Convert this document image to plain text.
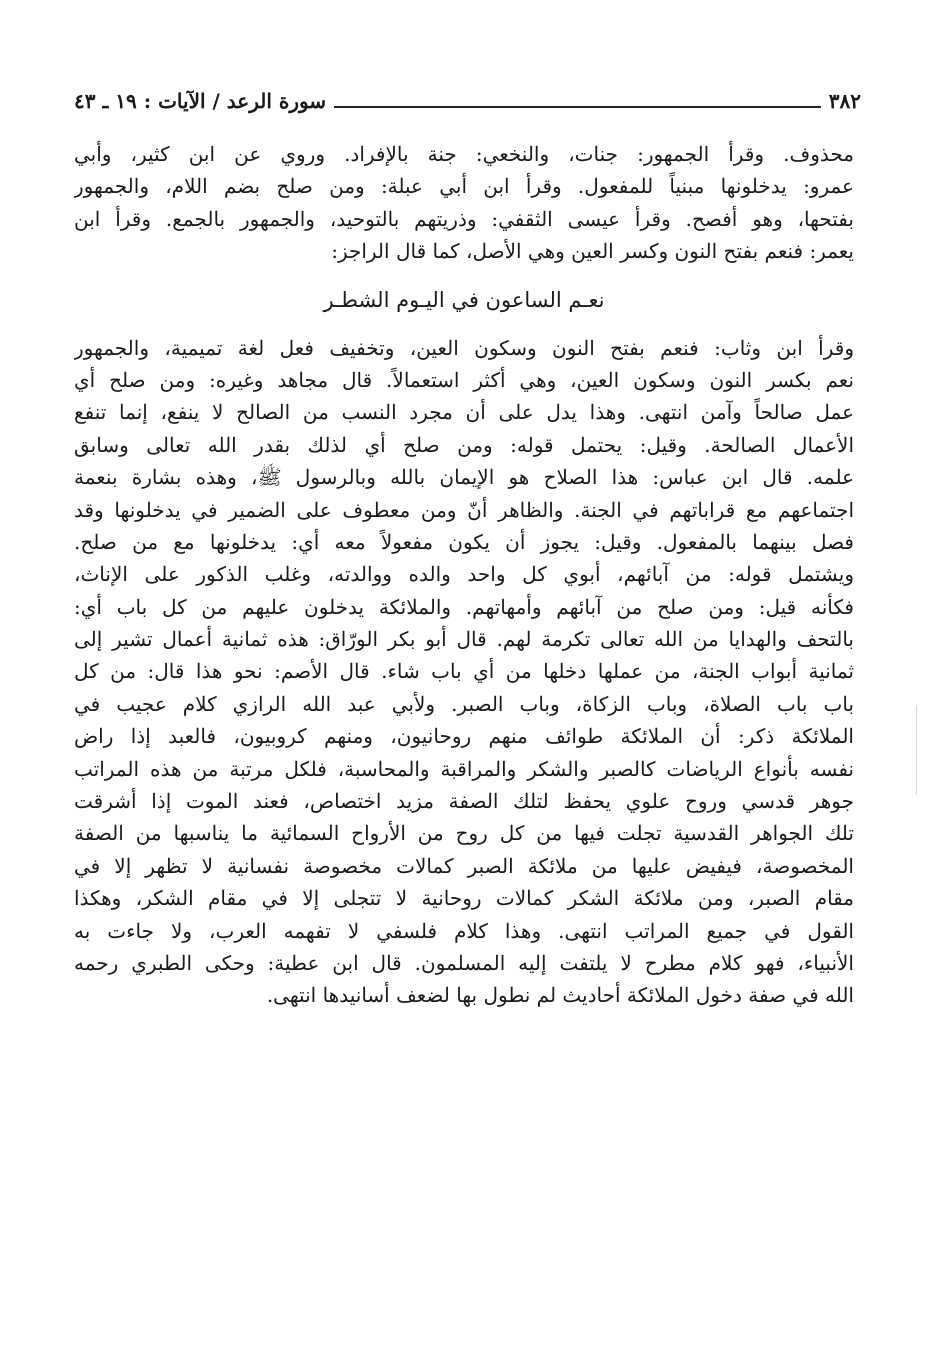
٣٨٢
سورة الرعد / الآيات : ١٩ ـ ٤٣
محذوف. وقرأ الجمهور: جنات، والنخعي: جنة بالإفراد. وروي عن ابن كثير، وأبي
عمرو: يدخلونها مبنياً للمفعول. وقرأ ابن أبي عبلة: ومن صلح بضم اللام، والجمهور
بفتحها، وهو أفصح. وقرأ عيسى الثقفي: وذريتهم بالتوحيد، والجمهور بالجمع. وقرأ ابن
يعمر: فنعم بفتح النون وكسر العين وهي الأصل، كما قال الراجز:
نعـم الساعون في اليـوم الشطـر
وقرأ ابن وثاب: فنعم بفتح النون وسكون العين، وتخفيف فعل لغة تميمية، والجمهور
نعم بكسر النون وسكون العين، وهي أكثر استعمالاً. قال مجاهد وغيره: ومن صلح أي
عمل صالحاً وآمن انتهى. وهذا يدل على أن مجرد النسب من الصالح لا ينفع، إنما تنفع
الأعمال الصالحة. وقيل: يحتمل قوله: ومن صلح أي لذلك بقدر الله تعالى وسابق
علمه. قال ابن عباس: هذا الصلاح هو الإيمان بالله وبالرسول ﷺ، وهذه بشارة بنعمة
اجتماعهم مع قراباتهم في الجنة. والظاهر أنّ ومن معطوف على الضمير في يدخلونها وقد
فصل بينهما بالمفعول. وقيل: يجوز أن يكون مفعولاً معه أي: يدخلونها مع من صلح.
ويشتمل قوله: من آبائهم، أبوي كل واحد والده ووالدته، وغلب الذكور على الإناث،
فكأنه قيل: ومن صلح من آبائهم وأمهاتهم. والملائكة يدخلون عليهم من كل باب أي:
بالتحف والهدايا من الله تعالى تكرمة لهم. قال أبو بكر الورّاق: هذه ثمانية أعمال تشير إلى
ثمانية أبواب الجنة، من عملها دخلها من أي باب شاء. قال الأصم: نحو هذا قال: من كل
باب باب الصلاة، وباب الزكاة، وباب الصبر. ولأبي عبد الله الرازي كلام عجيب في
الملائكة ذكر: أن الملائكة طوائف منهم روحانيون، ومنهم كروبيون، فالعبد إذا راض
نفسه بأنواع الرياضات كالصبر والشكر والمراقبة والمحاسبة، فلكل مرتبة من هذه المراتب
جوهر قدسي وروح علوي يحفظ لتلك الصفة مزيد اختصاص، فعند الموت إذا أشرقت
تلك الجواهر القدسية تجلت فيها من كل روح من الأرواح السمائية ما يناسبها من الصفة
المخصوصة، فيفيض عليها من ملائكة الصبر كمالات مخصوصة نفسانية لا تظهر إلا في
مقام الصبر، ومن ملائكة الشكر كمالات روحانية لا تتجلى إلا في مقام الشكر، وهكذا
القول في جميع المراتب انتهى. وهذا كلام فلسفي لا تفهمه العرب، ولا جاءت به
الأنبياء، فهو كلام مطرح لا يلتفت إليه المسلمون. قال ابن عطية: وحكى الطبري رحمه
الله في صفة دخول الملائكة أحاديث لم نطول بها لضعف أسانيدها انتهى.
